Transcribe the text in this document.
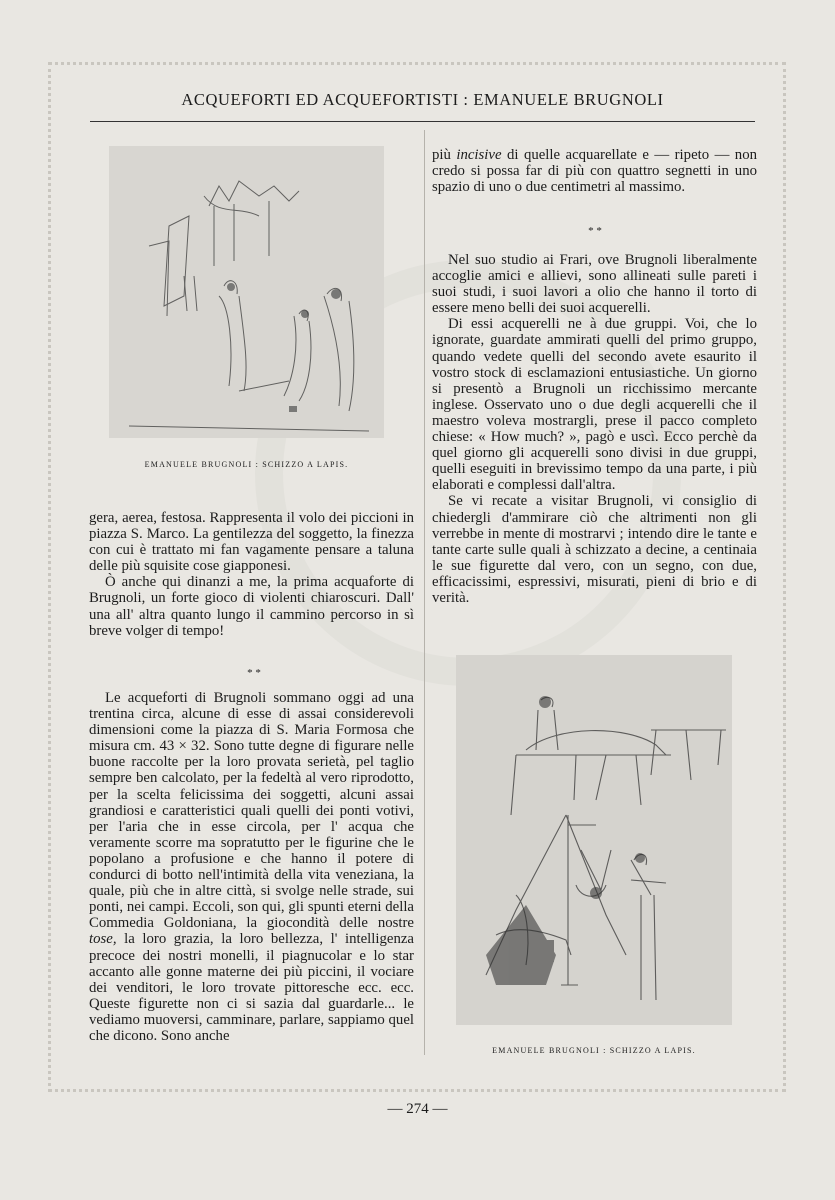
ACQUEFORTI ED ACQUEFORTISTI : EMANUELE BRUGNOLI
EMANUELE BRUGNOLI : SCHIZZO A LAPIS.

gera, aerea, festosa. Rappresenta il volo dei piccioni in piazza S. Marco. La gentilezza del soggetto, la finezza con cui è trattato mi fan vagamente pensare a taluna delle più squisite cose giapponesi.

Ò anche qui dinanzi a me, la prima acquaforte di Brugnoli, un forte gioco di violenti chiaroscuri. Dall' una all' altra quanto lungo il cammino percorso in sì breve volger di tempo!

* *

Le acqueforti di Brugnoli sommano oggi ad una trentina circa, alcune di esse di assai considerevoli dimensioni come la piazza di S. Maria Formosa che misura cm. 43 × 32. Sono tutte degne di figurare nelle buone raccolte per la loro provata serietà, pel taglio sempre ben calcolato, per la fedeltà al vero riprodotto, per la scelta felicissima dei soggetti, alcuni assai grandiosi e caratteristici quali quelli dei ponti votivi, per l'aria che in esse circola, per l' acqua che veramente scorre ma sopratutto per le figurine che le popolano a profusione e che hanno il potere di condurci di botto nell'intimità della vita veneziana, la quale, più che in altre città, si svolge nelle strade, sui ponti, nei campi. Eccoli, son qui, gli spunti eterni della Commedia Goldoniana, la giocondità delle nostre tose, la loro grazia, la loro bellezza, l' intelligenza precoce dei nostri monelli, il piagnucolar e lo star accanto alle gonne materne dei più piccini, il vociare dei venditori, le loro trovate pittoresche ecc. ecc. Queste figurette non ci si sazia dal guardarle... le vediamo muoversi, camminare, parlare, sappiamo quel che dicono. Sono anche

più incisive di quelle acquarellate e — ripeto — non credo si possa far di più con quattro segnetti in uno spazio di uno o due centimetri al massimo.

* *

Nel suo studio ai Frari, ove Brugnoli liberalmente accoglie amici e allievi, sono allineati sulle pareti i suoi studi, i suoi lavori a olio che hanno il torto di essere meno belli dei suoi acquerelli.

Di essi acquerelli ne à due gruppi. Voi, che lo ignorate, guardate ammirati quelli del primo gruppo, quando vedete quelli del secondo avete esaurito il vostro stock di esclamazioni entusiastiche. Un giorno si presentò a Brugnoli un ricchissimo mercante inglese. Osservato uno o due degli acquerelli che il maestro voleva mostrargli, prese il pacco completo chiese: « How much? », pagò e uscì. Ecco perchè da quel giorno gli acquerelli sono divisi in due gruppi, quelli eseguiti in brevissimo tempo da una parte, i più elaborati e complessi dall'altra.

Se vi recate a visitar Brugnoli, vi consiglio di chiedergli d'ammirare ciò che altrimenti non gli verrebbe in mente di mostrarvi ; intendo dire le tante e tante carte sulle quali à schizzato a decine, a centinaia le sue figurette dal vero, con un segno, con due, efficacissimi, espressivi, misurati, pieni di brio e di verità.

EMANUELE BRUGNOLI : SCHIZZO A LAPIS.
— 274 —
